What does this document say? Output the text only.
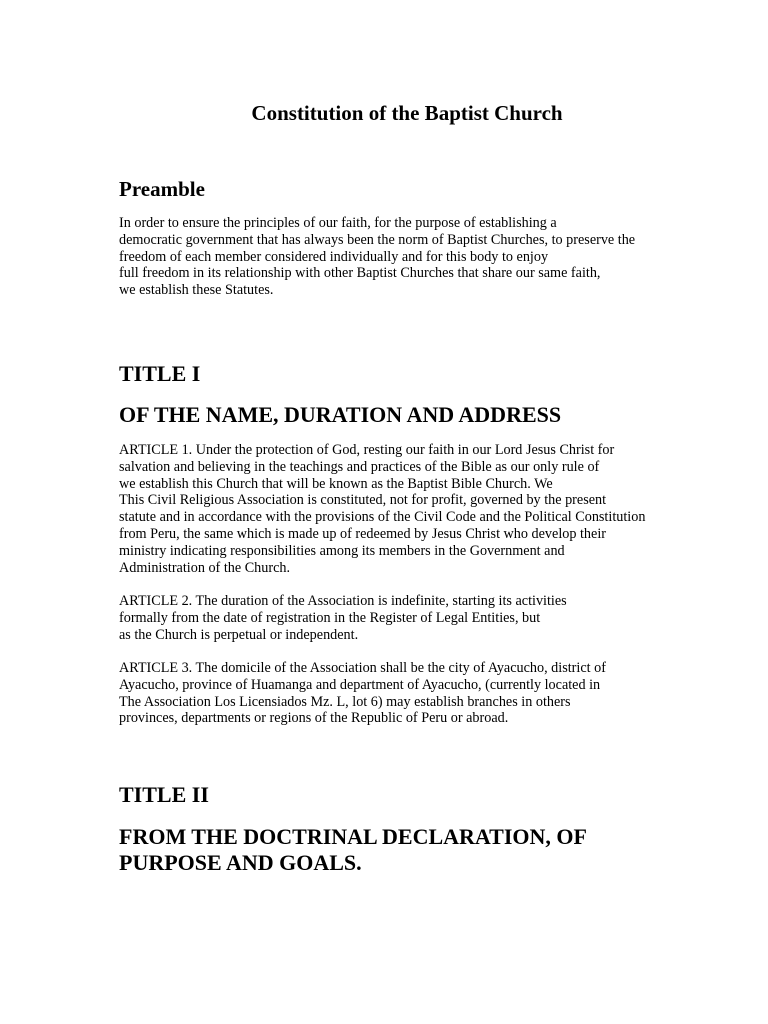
Constitution of the Baptist Church
Preamble
In order to ensure the principles of our faith, for the purpose of establishing a
democratic government that has always been the norm of Baptist Churches, to preserve the
freedom of each member considered individually and for this body to enjoy
full freedom in its relationship with other Baptist Churches that share our same faith,
we establish these Statutes.
TITLE I
OF THE NAME, DURATION AND ADDRESS
ARTICLE 1. Under the protection of God, resting our faith in our Lord Jesus Christ for
salvation and believing in the teachings and practices of the Bible as our only rule of
we establish this Church that will be known as the Baptist Bible Church. We
This Civil Religious Association is constituted, not for profit, governed by the present
statute and in accordance with the provisions of the Civil Code and the Political Constitution
from Peru, the same which is made up of redeemed by Jesus Christ who develop their
ministry indicating responsibilities among its members in the Government and
Administration of the Church.
ARTICLE 2. The duration of the Association is indefinite, starting its activities
formally from the date of registration in the Register of Legal Entities, but
as the Church is perpetual or independent.
ARTICLE 3. The domicile of the Association shall be the city of Ayacucho, district of
Ayacucho, province of Huamanga and department of Ayacucho, (currently located in
The Association Los Licensiados Mz. L, lot 6) may establish branches in others
provinces, departments or regions of the Republic of Peru or abroad.
TITLE II
FROM THE DOCTRINAL DECLARATION, OF
PURPOSE AND GOALS.
